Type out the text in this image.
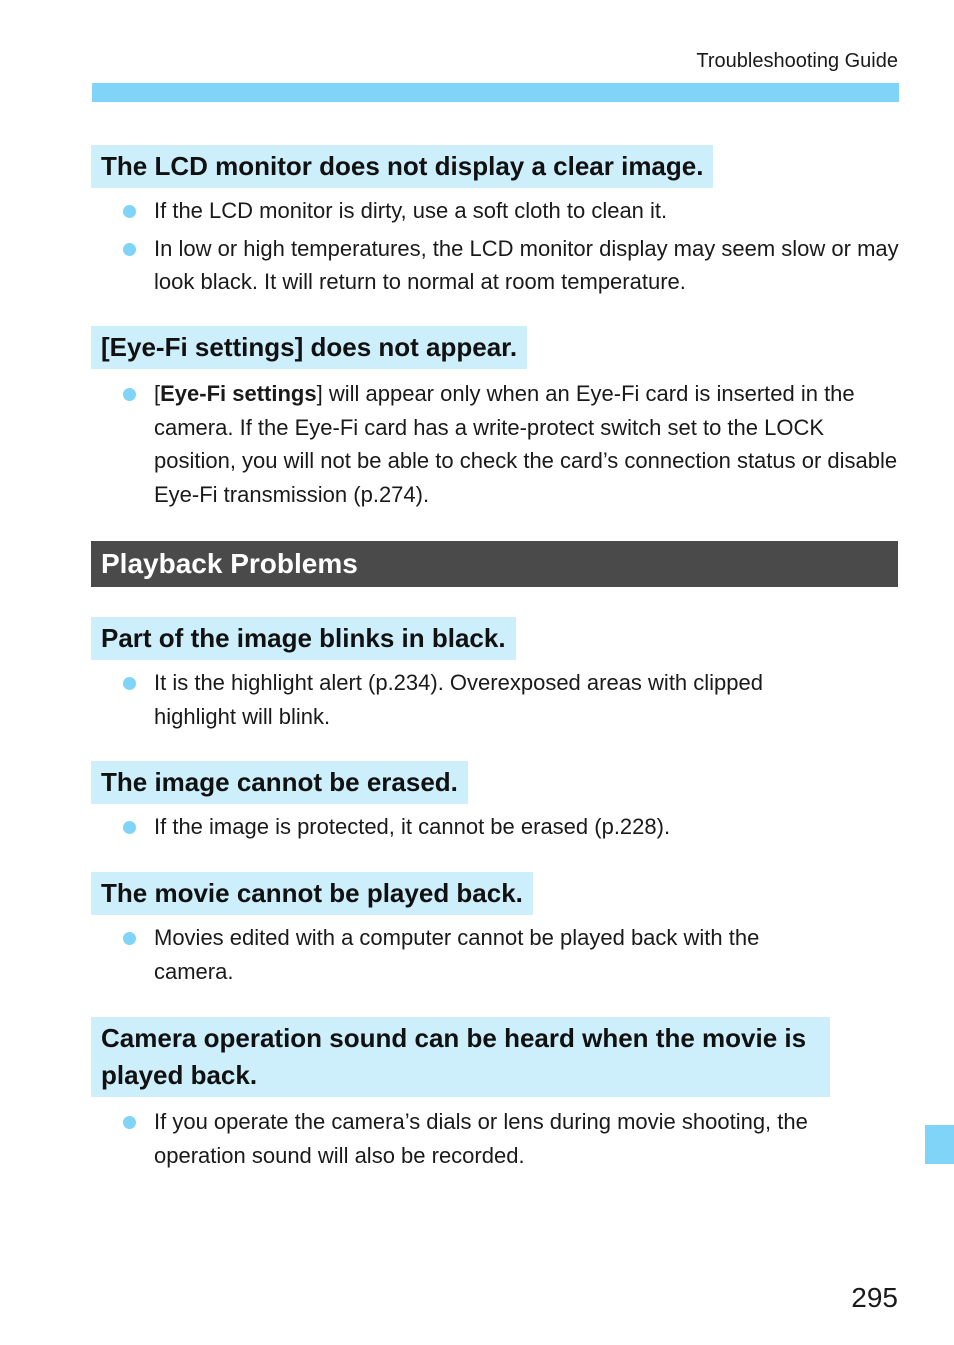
Troubleshooting Guide
The LCD monitor does not display a clear image.
If the LCD monitor is dirty, use a soft cloth to clean it.
In low or high temperatures, the LCD monitor display may seem slow or may look black. It will return to normal at room temperature.
[Eye-Fi settings] does not appear.
[Eye-Fi settings] will appear only when an Eye-Fi card is inserted in the camera. If the Eye-Fi card has a write-protect switch set to the LOCK position, you will not be able to check the card’s connection status or disable Eye-Fi transmission (p.274).
Playback Problems
Part of the image blinks in black.
It is the highlight alert (p.234). Overexposed areas with clipped highlight will blink.
The image cannot be erased.
If the image is protected, it cannot be erased (p.228).
The movie cannot be played back.
Movies edited with a computer cannot be played back with the camera.
Camera operation sound can be heard when the movie is played back.
If you operate the camera’s dials or lens during movie shooting, the operation sound will also be recorded.
295
